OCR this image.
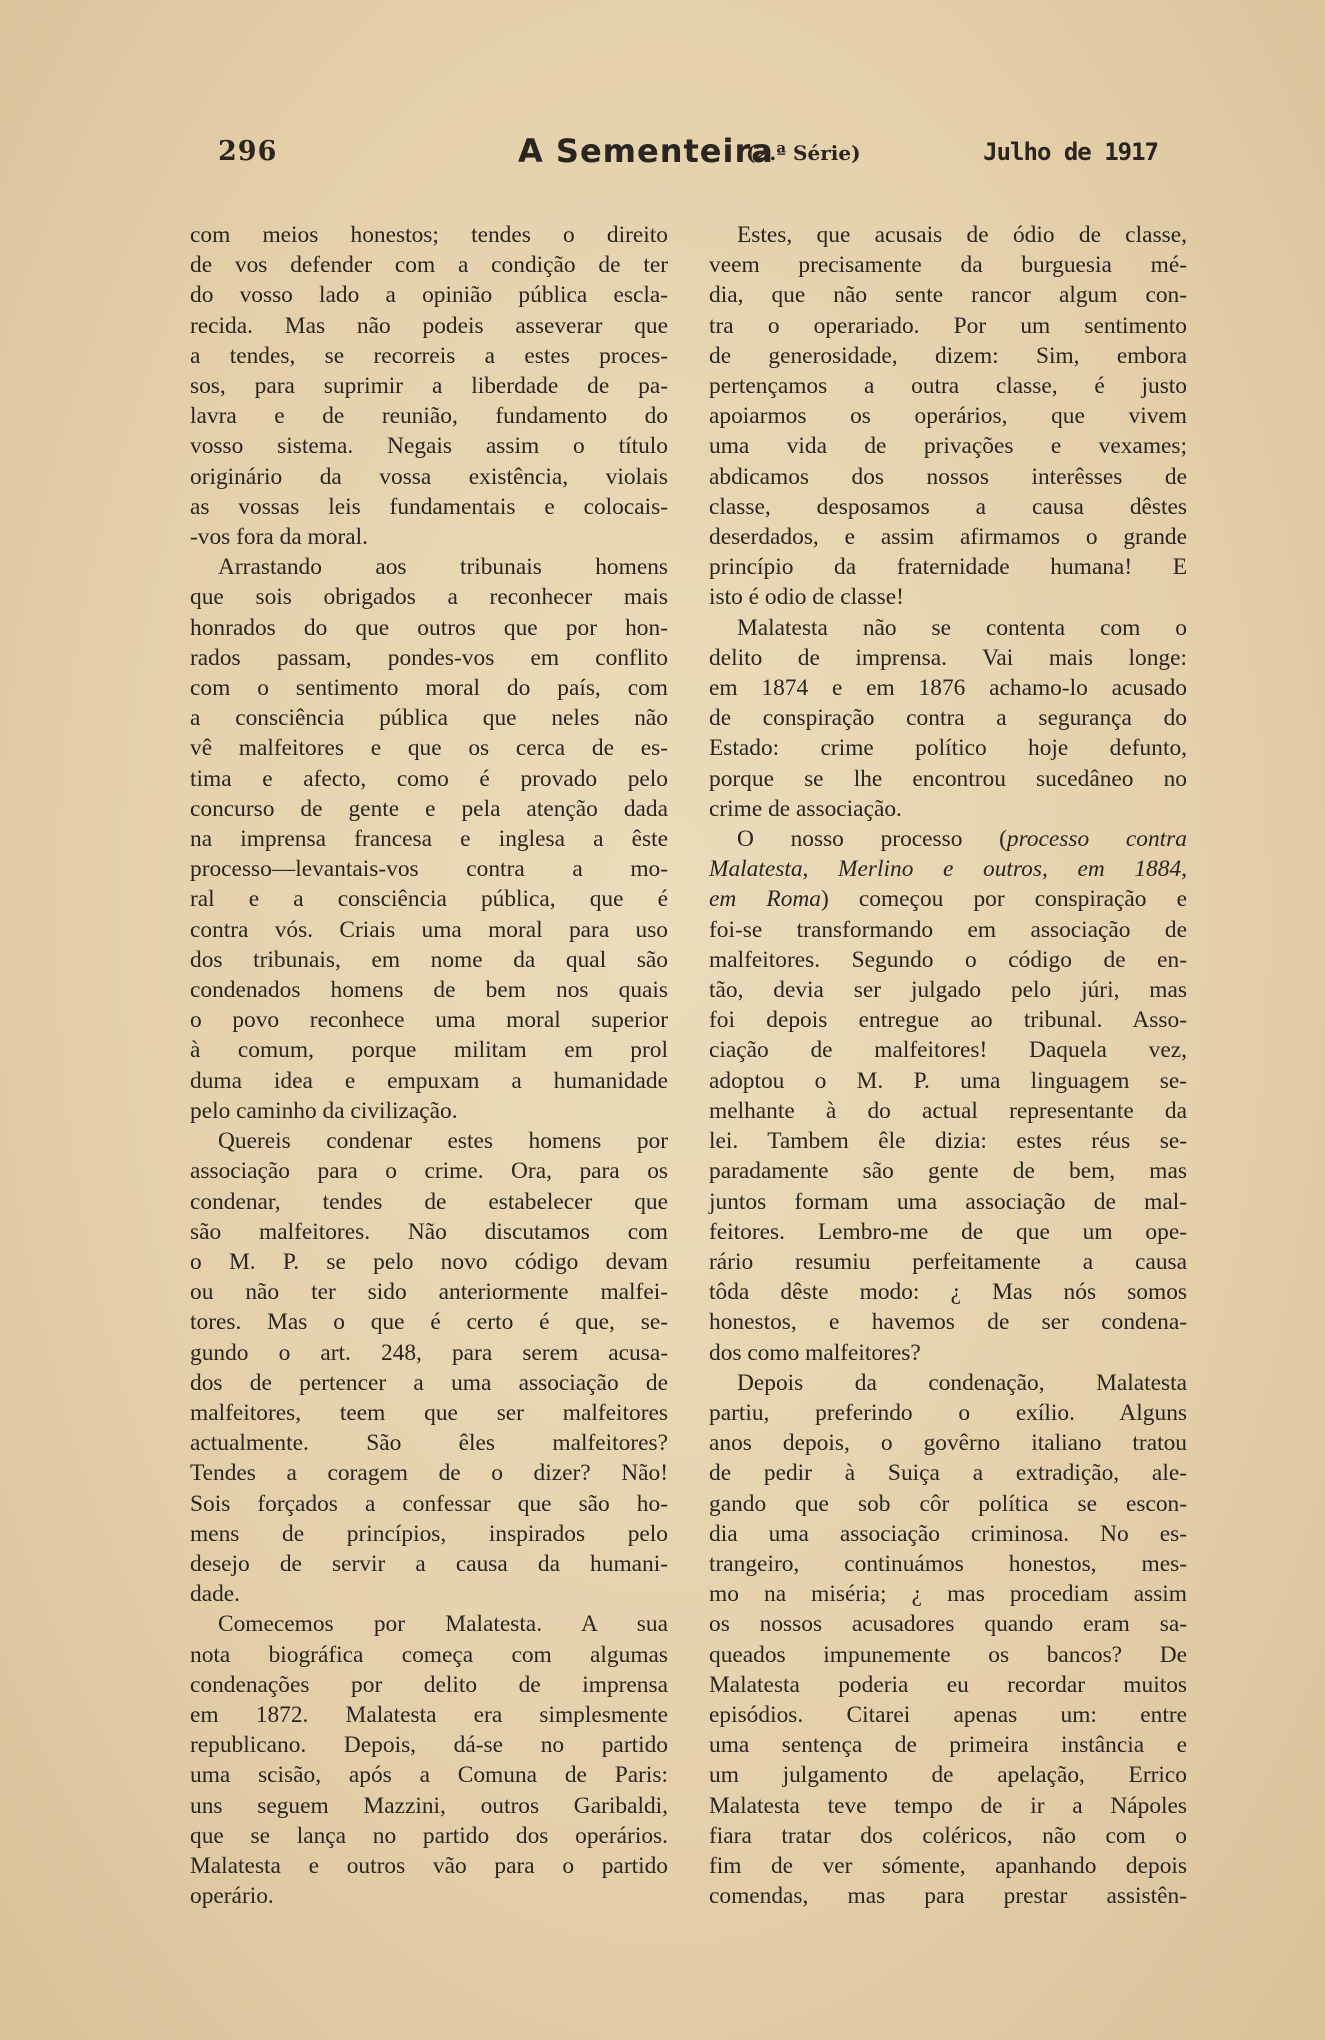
296	A Sementeira
(2.ª Série)	Julho de 1917
com meios honestos; tendes o direito
de vos defender com a condição de ter
do vosso lado a opinião pública escla-
recida. Mas não podeis asseverar que
a tendes, se recorreis a estes proces-
sos, para suprimir a liberdade de pa-
lavra e de reunião, fundamento do
vosso sistema. Negais assim o título
originário da vossa existência, violais
as vossas leis fundamentais e colocais-
-vos fora da moral.
Arrastando aos tribunais homens
que sois obrigados a reconhecer mais
honrados do que outros que por hon-
rados passam, pondes-vos em conflito
com o sentimento moral do país, com
a consciência pública que neles não
vê malfeitores e que os cerca de es-
tima e afecto, como é provado pelo
concurso de gente e pela atenção dada
na imprensa francesa e inglesa a êste
processo—levantais-vos contra a mo-
ral e a consciência pública, que é
contra vós. Criais uma moral para uso
dos tribunais, em nome da qual são
condenados homens de bem nos quais
o povo reconhece uma moral superior
à comum, porque militam em prol
duma idea e empuxam a humanidade
pelo caminho da civilização.
Quereis condenar estes homens por
associação para o crime. Ora, para os
condenar, tendes de estabelecer que
são malfeitores. Não discutamos com
o M. P. se pelo novo código devam
ou não ter sido anteriormente malfei-
tores. Mas o que é certo é que, se-
gundo o art. 248, para serem acusa-
dos de pertencer a uma associação de
malfeitores, teem que ser malfeitores
actualmente. São êles malfeitores?
Tendes a coragem de o dizer? Não!
Sois forçados a confessar que são ho-
mens de princípios, inspirados pelo
desejo de servir a causa da humani-
dade.
Comecemos por Malatesta. A sua
nota biográfica começa com algumas
condenações por delito de imprensa
em 1872. Malatesta era simplesmente
republicano. Depois, dá-se no partido
uma scisão, após a Comuna de Paris:
uns seguem Mazzini, outros Garibaldi,
que se lança no partido dos operários.
Malatesta e outros vão para o partido
operário.
Estes, que acusais de ódio de classe,
veem precisamente da burguesia mé-
dia, que não sente rancor algum con-
tra o operariado. Por um sentimento
de generosidade, dizem: Sim, embora
pertençamos a outra classe, é justo
apoiarmos os operários, que vivem
uma vida de privações e vexames;
abdicamos dos nossos interêsses de
classe, desposamos a causa dêstes
deserdados, e assim afirmamos o grande
princípio da fraternidade humana! E
isto é odio de classe!
Malatesta não se contenta com o
delito de imprensa. Vai mais longe:
em 1874 e em 1876 achamo-lo acusado
de conspiração contra a segurança do
Estado: crime político hoje defunto,
porque se lhe encontrou sucedâneo no
crime de associação.
O nosso processo (processo contra
Malatesta, Merlino e outros, em 1884,
em Roma) começou por conspiração e
foi-se transformando em associação de
malfeitores. Segundo o código de en-
tão, devia ser julgado pelo júri, mas
foi depois entregue ao tribunal. Asso-
ciação de malfeitores! Daquela vez,
adoptou o M. P. uma linguagem se-
melhante à do actual representante da
lei. Tambem êle dizia: estes réus se-
paradamente são gente de bem, mas
juntos formam uma associação de mal-
feitores. Lembro-me de que um ope-
rário resumiu perfeitamente a causa
tôda dêste modo: ¿ Mas nós somos
honestos, e havemos de ser condena-
dos como malfeitores?
Depois da condenação, Malatesta
partiu, preferindo o exílio. Alguns
anos depois, o govêrno italiano tratou
de pedir à Suiça a extradição, ale-
gando que sob côr política se escon-
dia uma associação criminosa. No es-
trangeiro, continuámos honestos, mes-
mo na miséria; ¿ mas procediam assim
os nossos acusadores quando eram sa-
queados impunemente os bancos? De
Malatesta poderia eu recordar muitos
episódios. Citarei apenas um: entre
uma sentença de primeira instância e
um julgamento de apelação, Errico
Malatesta teve tempo de ir a Nápoles
fiara tratar dos coléricos, não com o
fim de ver sómente, apanhando depois
comendas, mas para prestar assistên-
